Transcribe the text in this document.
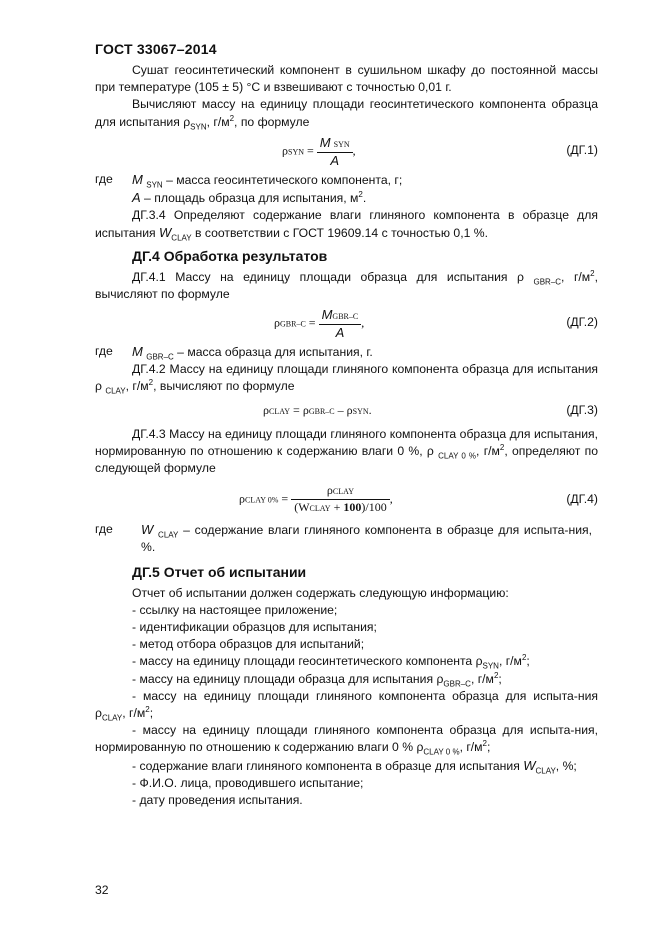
ГОСТ 33067–2014

Сушат геосинтетический компонент в сушильном шкафу до постоянной массы при температуре (105 ± 5) °С и взвешивают с точностью 0,01 г.

Вычисляют массу на единицу площади геосинтетического компонента образца для испытания $\rho_{SYN}$, $г/м^2$, по формуле

$\rho SYN = \frac{\text{M SYN}}{A}$ ,	(ДГ.1)
где	M $_{SYN}$ – масса геосинтетического компонента, г;

A – площадь образца для испытания, $м^2$.

ДГ.3.4 Определяют содержание влаги глиняного компонента в образце для испытания $W_{CLAY}$ в соответствии с ГОСТ 19609.14 с точностью 0,1 %.

ДГ.4 Обработка результатов

ДГ.4.1 Массу на единицу площади образца для испытания ρ $_{GBR-C}$, $г/м^2$, вычисляют по формуле

$\rho GBR-C = \frac{\text{MGBR–C}}{A}$ ,	(ДГ.2)
где	M $_{GBR-C}$ – масса образца для испытания, г.

ДГ.4.2 Массу на единицу площади глиняного компонента образца для испытания ρ $_{CLAY}$, $г/м^2$, вычисляют по формуле

ρCLAY = ρGBR–C – ρSYN.	(ДГ.3)

ДГ.4.3 Массу на единицу площади глиняного компонента образца для испытания, нормированную по отношению к содержанию влаги 0 %, ρ $_{CLAY 0 \%}$, $г/м^2$, определяют по следующей формуле

ρCLAY $0\% = \frac{\text{ρCLAY}}{\text{(WCLAY + 100)/100}}$ ,	(ДГ.4)
где	W $_{CLAY}$ – содержание влаги глиняного компонента в образце для испыта-ния, %.
ДГ.5 Отчет об испытании

Отчет об испытании должен содержать следующую информацию:

- ссылку на настоящее приложение;

- идентификации образцов для испытания;

- метод отбора образцов для испытаний;

- массу на единицу площади геосинтетического компонента $\rho_{SYN}$, $г/м^2$;

- массу на единицу площади образца для испытания $\rho_{GBR-C}$, $г/м^2$;

- массу на единицу площади глиняного компонента образца для испыта-ния $\rho_{CLAY}$, $г/м^2$;

- массу на единицу площади глиняного компонента образца для испыта-ния, нормированную по отношению к содержанию влаги 0 % $\rho_{CLAY 0 \%}$, $г/м^2$;

- содержание влаги глиняного компонента в образце для испытания $W_{CLAY}$, %;

- Ф.И.О. лица, проводившего испытание;

- дату проведения испытания.

32
